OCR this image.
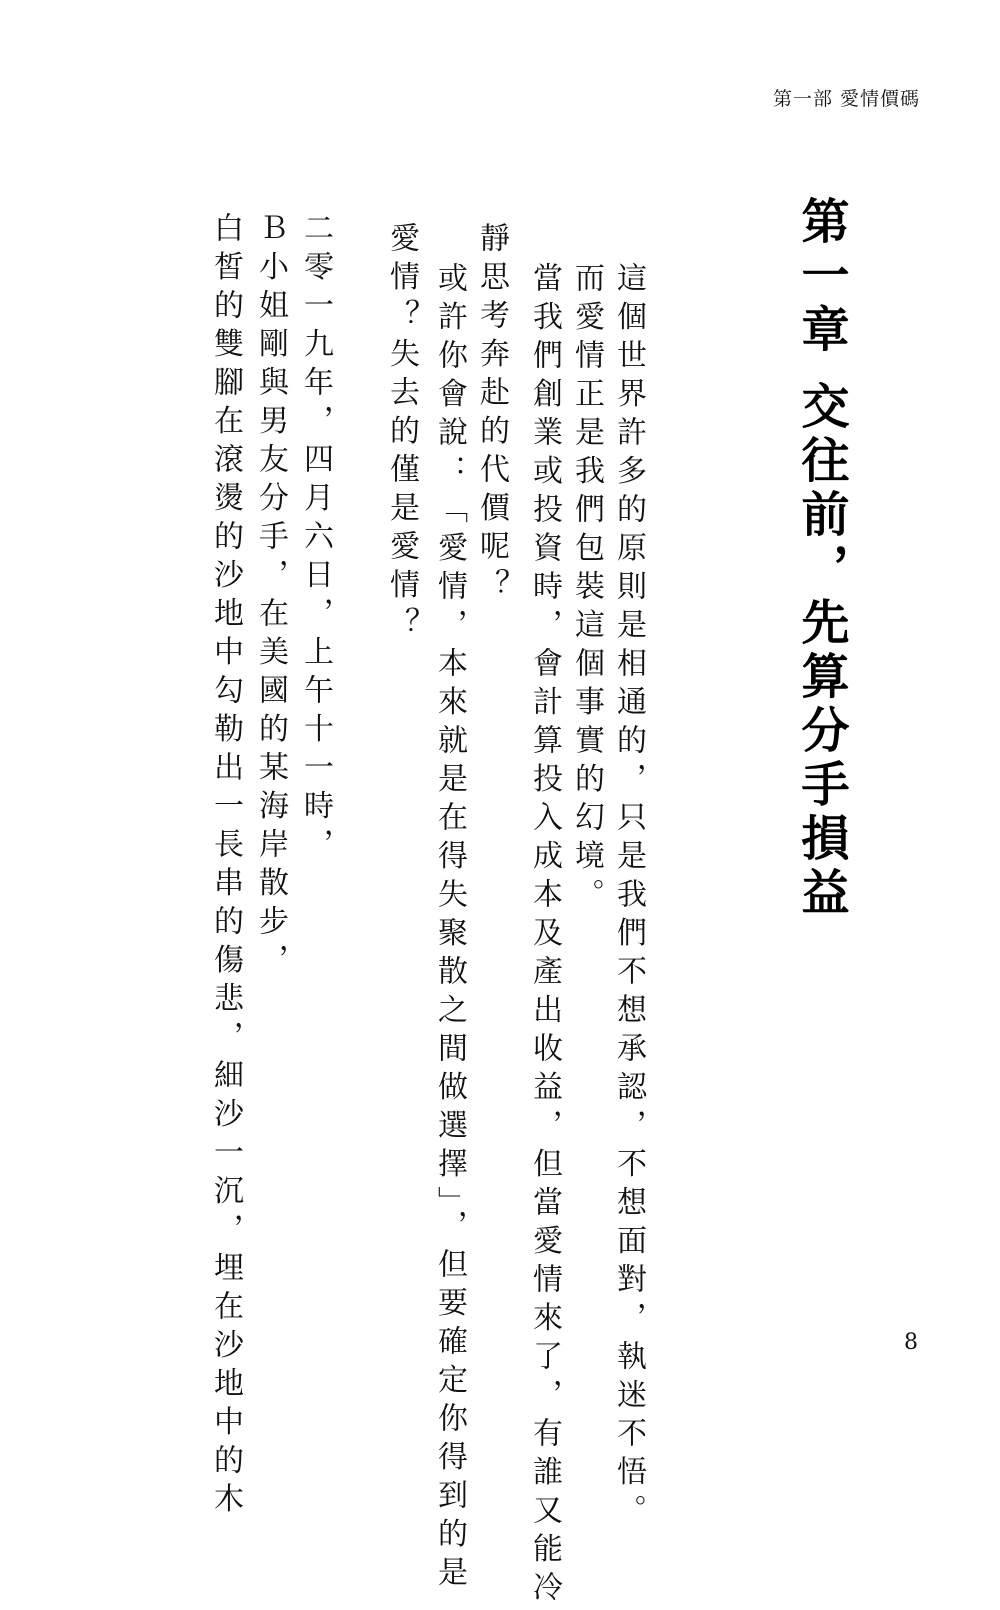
第一部 愛情價碼
第一章 交往前，先算分手損益
這個世界許多的原則是相通的，只是我們不想承認，不想面對，執迷不悟。
而愛情正是我們包裝這個事實的幻境。
當我們創業或投資時，會計算投入成本及產出收益，但當愛情來了，有誰又能冷
靜思考奔赴的代價呢？
或許你會說：「愛情，本來就是在得失聚散之間做選擇」，但要確定你得到的是
愛情？失去的僅是愛情？
二零一九年，四月六日，上午十一時，
Ｂ小姐剛與男友分手，在美國的某海岸散步，
白皙的雙腳在滾燙的沙地中勾勒出一長串的傷悲，細沙一沉，埋在沙地中的木	8
